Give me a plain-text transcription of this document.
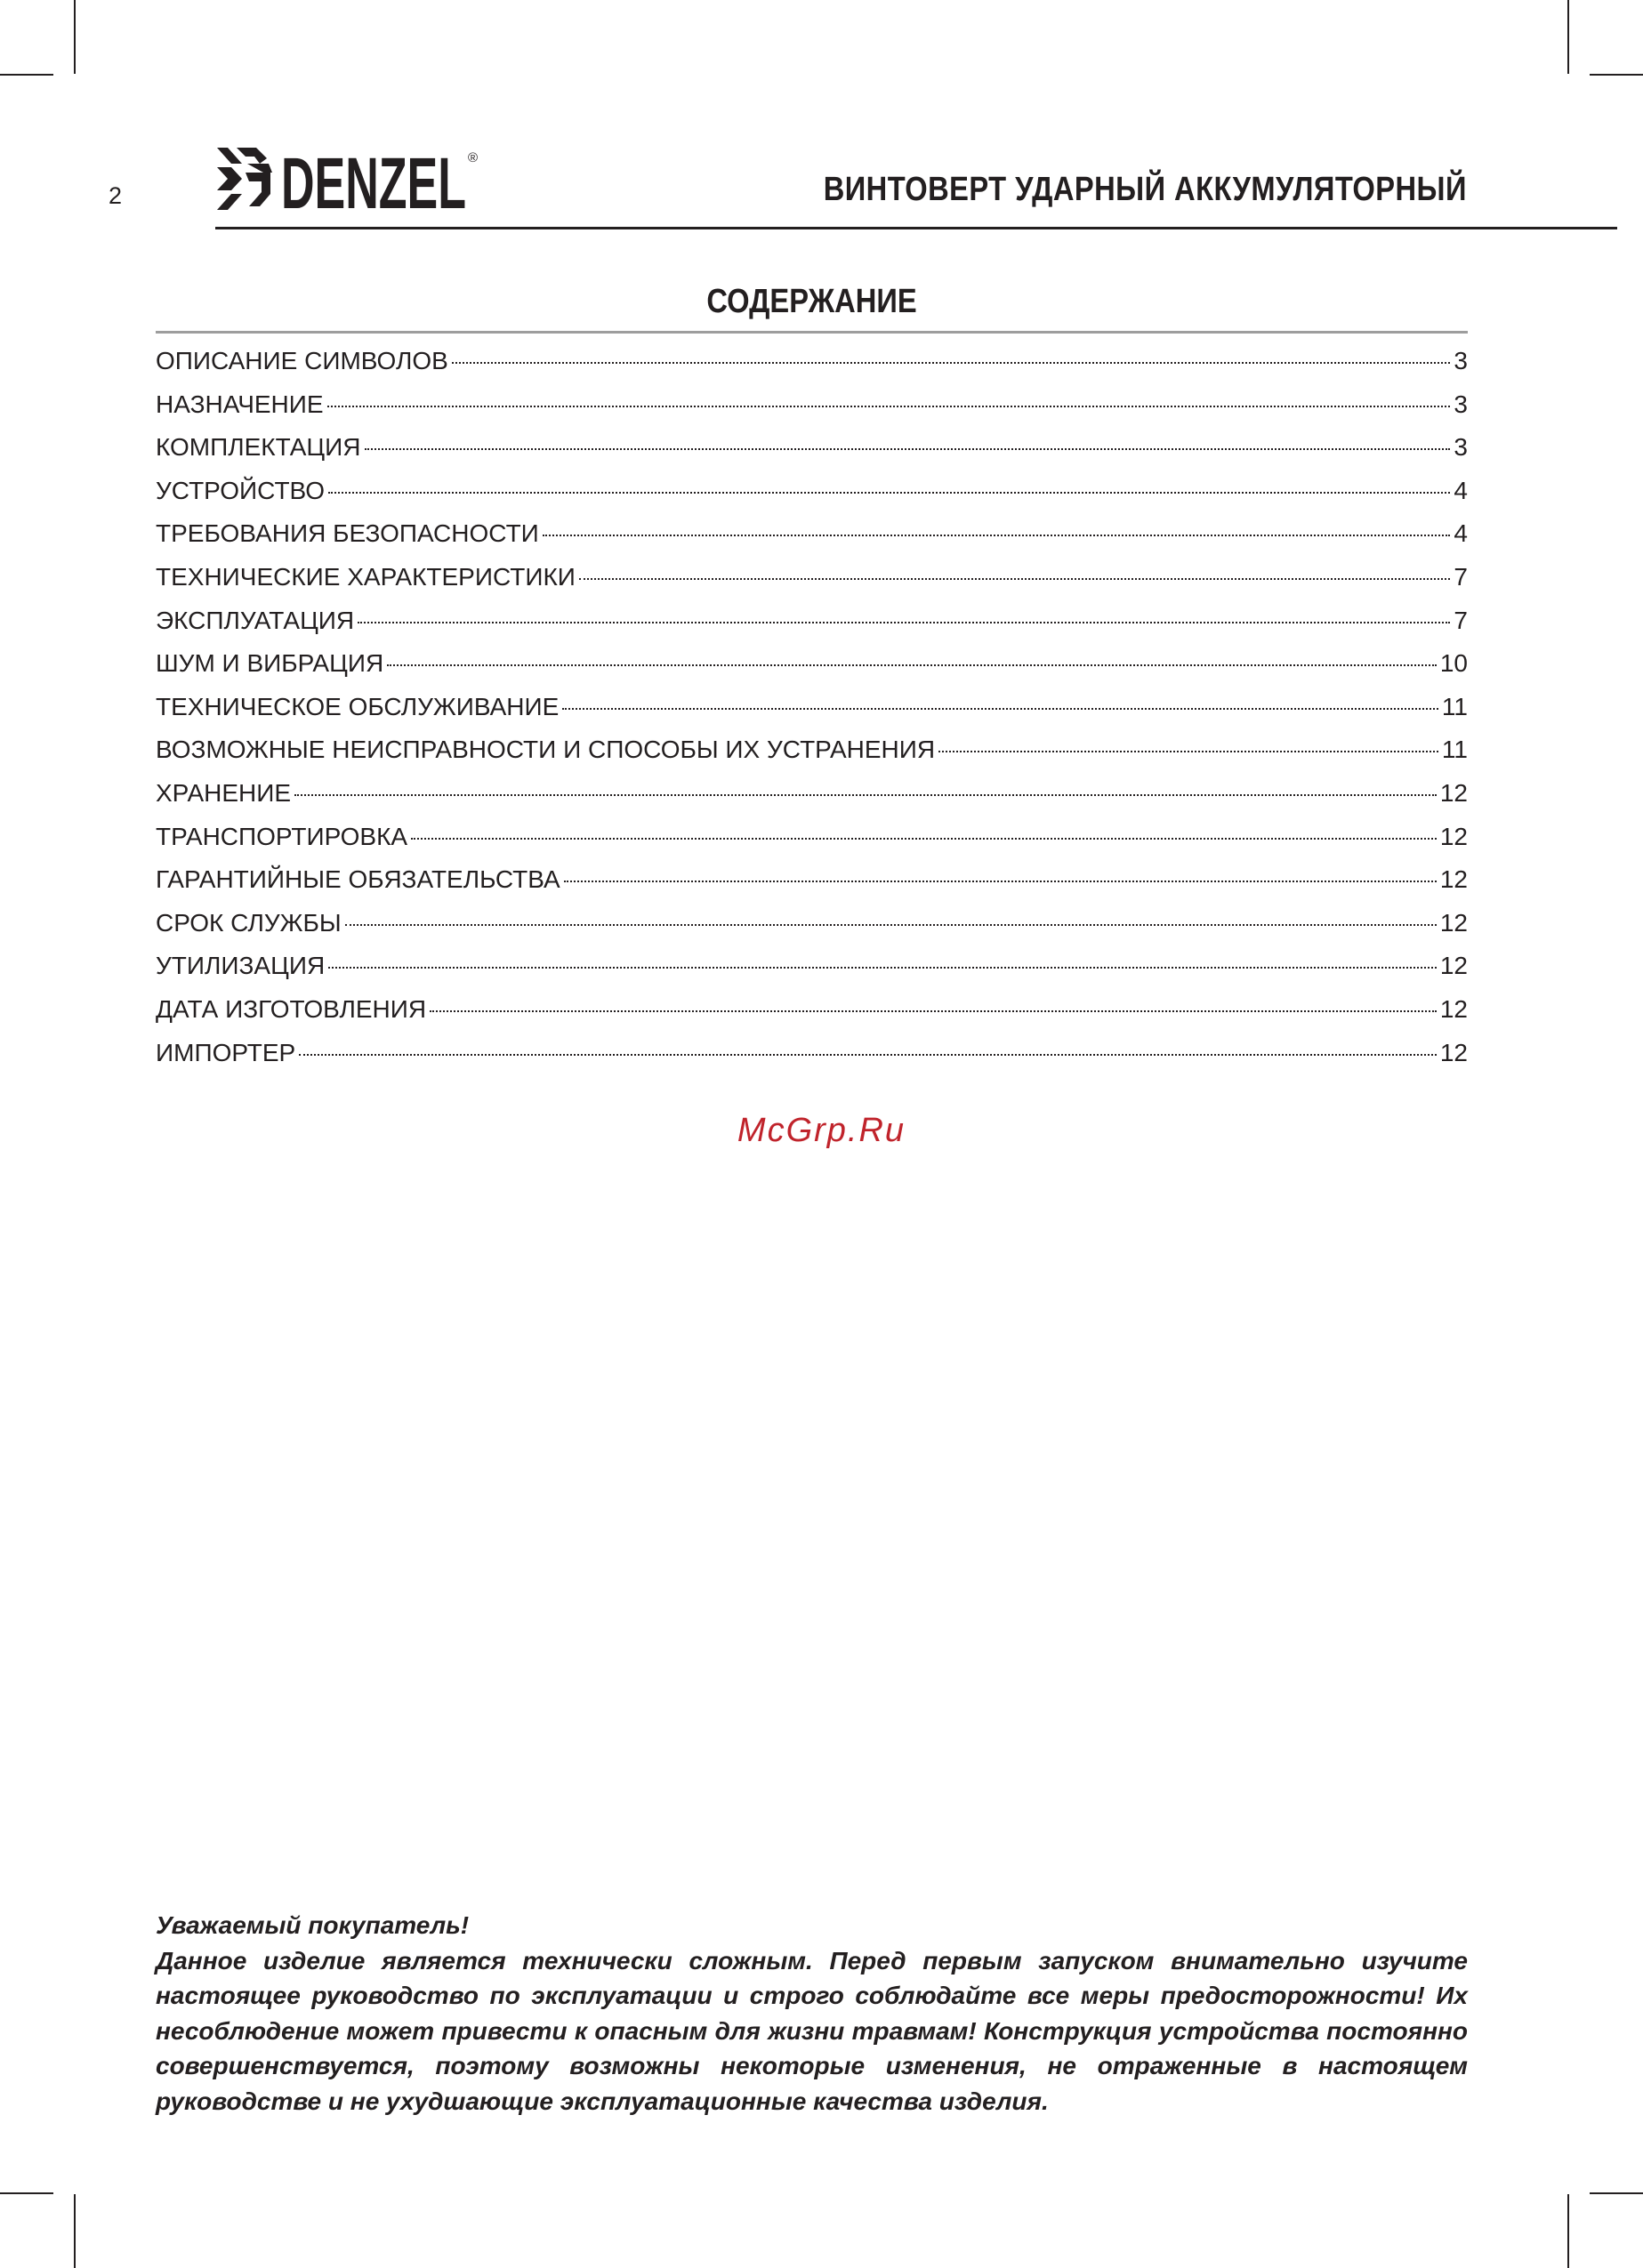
2 DENZEL ®
ВИНТОВЕРТ УДАРНЫЙ АККУМУЛЯТОРНЫЙ
СОДЕРЖАНИЕ
ОПИСАНИЕ СИМВОЛОВ	3
НАЗНАЧЕНИЕ	3
КОМПЛЕКТАЦИЯ	3
УСТРОЙСТВО	4
ТРЕБОВАНИЯ БЕЗОПАСНОСТИ	4
ТЕХНИЧЕСКИЕ ХАРАКТЕРИСТИКИ	7
ЭКСПЛУАТАЦИЯ	7
ШУМ И ВИБРАЦИЯ	10
ТЕХНИЧЕСКОЕ ОБСЛУЖИВАНИЕ	11
ВОЗМОЖНЫЕ НЕИСПРАВНОСТИ И СПОСОБЫ ИХ УСТРАНЕНИЯ	11
ХРАНЕНИЕ	12
ТРАНСПОРТИРОВКА	12
ГАРАНТИЙНЫЕ ОБЯЗАТЕЛЬСТВА	12
СРОК СЛУЖБЫ	12
УТИЛИЗАЦИЯ	12
ДАТА ИЗГОТОВЛЕНИЯ	12
ИМПОРТЕР	12
McGrp.Ru

Уважаемый покупатель!

Данное изделие является технически сложным. Перед первым запуском внимательно изучите настоящее руководство по эксплуатации и строго соблюдайте все меры предосторожности! Их несоблюдение может привести к опасным для жизни травмам! Конструкция устройства постоянно совершенствуется, поэтому возможны некоторые изменения, не отраженные в настоящем руководстве и не ухудшающие эксплуатационные качества изделия.
